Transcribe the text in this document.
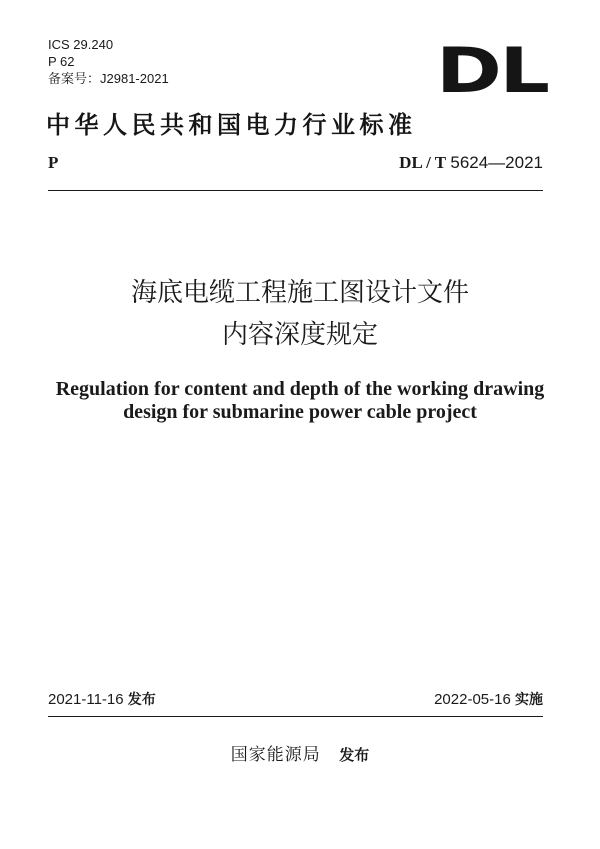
ICS 29.240
P 62
备案号：J2981-2021	DL
中华人民共和国电力行业标准
P	DL / T 5624—2021
海底电缆工程施工图设计文件
内容深度规定
Regulation for content and depth of the working drawing
design for submarine power cable project
2021-11-16 发布	2022-05-16 实施
国家能源局 发布
